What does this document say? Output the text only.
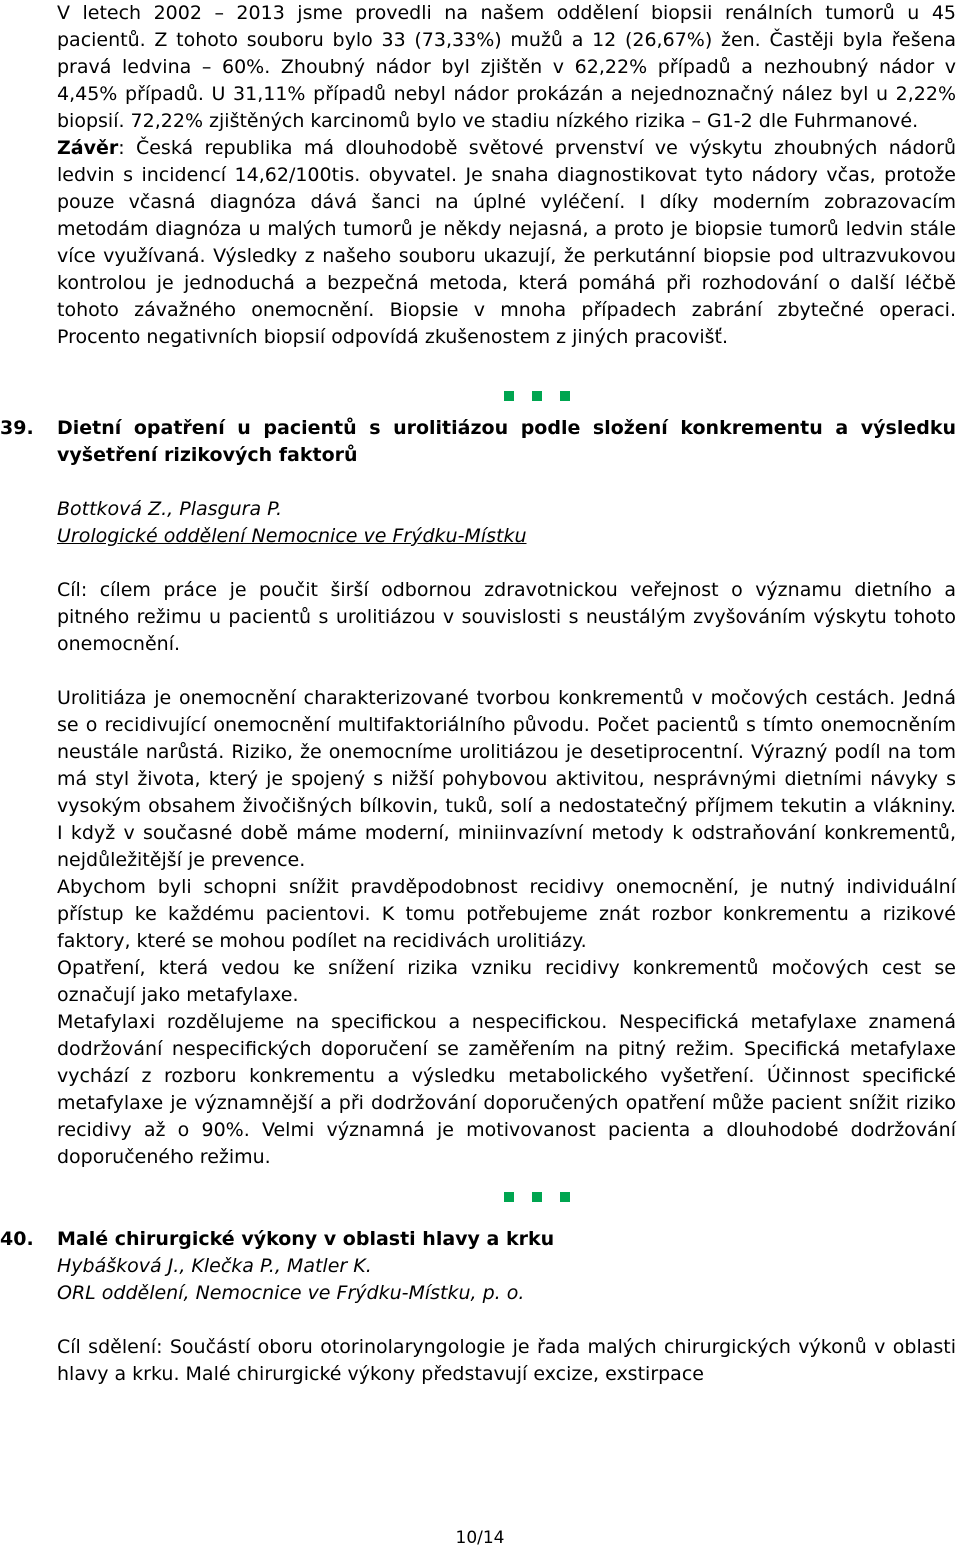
V letech 2002 – 2013 jsme provedli na našem oddělení biopsii renálních tumorů u 45 pacientů. Z tohoto souboru bylo 33 (73,33%) mužů a 12 (26,67%) žen. Častěji byla řešena pravá ledvina – 60%. Zhoubný nádor byl zjištěn v 62,22% případů a nezhoubný nádor v 4,45% případů. U 31,11% případů nebyl nádor prokázán a nejednoznačný nález byl u 2,22% biopsií. 72,22% zjištěných karcinomů bylo ve stadiu nízkého rizika – G1-2 dle Fuhrmanové.

Závěr: Česká republika má dlouhodobě světové prvenství ve výskytu zhoubných nádorů ledvin s incidencí 14,62/100tis. obyvatel. Je snaha diagnostikovat tyto nádory včas, protože pouze včasná diagnóza dává šanci na úplné vyléčení. I díky moderním zobrazovacím metodám diagnóza u malých tumorů je někdy nejasná, a proto je biopsie tumorů ledvin stále více využívaná. Výsledky z našeho souboru ukazují, že perkutánní biopsie pod ultrazvukovou kontrolou je jednoduchá a bezpečná metoda, která pomáhá při rozhodování o další léčbě tohoto závažného onemocnění. Biopsie v mnoha případech zabrání zbytečné operaci. Procento negativních biopsií odpovídá zkušenostem z jiných pracovišť.

39. Dietní opatření u pacientů s urolitiázou podle složení konkrementu a výsledku vyšetření rizikových faktorů

Bottková Z., Plasgura P.

Urologické oddělení Nemocnice ve Frýdku-Místku

Cíl: cílem práce je poučit širší odbornou zdravotnickou veřejnost o významu dietního a pitného režimu u pacientů s urolitiázou v souvislosti s neustálým zvyšováním výskytu tohoto onemocnění.

Urolitiáza je onemocnění charakterizované tvorbou konkrementů v močových cestách. Jedná se o recidivující onemocnění multifaktoriálního původu. Počet pacientů s tímto onemocněním neustále narůstá. Riziko, že onemocníme urolitiázou je desetiprocentní. Výrazný podíl na tom má styl života, který je spojený s nižší pohybovou aktivitou, nesprávnými dietními návyky s vysokým obsahem živočišných bílkovin, tuků, solí a nedostatečný příjmem tekutin a vlákniny. I když v současné době máme moderní, miniinvazívní metody k odstraňování konkrementů, nejdůležitější je prevence.

Abychom byli schopni snížit pravděpodobnost recidivy onemocnění, je nutný individuální přístup ke každému pacientovi. K tomu potřebujeme znát rozbor konkrementu a rizikové faktory, které se mohou podílet na recidivách urolitiázy.

Opatření, která vedou ke snížení rizika vzniku recidivy konkrementů močových cest se označují jako metafylaxe.

Metafylaxi rozdělujeme na specifickou a nespecifickou. Nespecifická metafylaxe znamená dodržování nespecifických doporučení se zaměřením na pitný režim. Specifická metafylaxe vychází z rozboru konkrementu a výsledku metabolického vyšetření. Účinnost specifické metafylaxe je významnější a při dodržování doporučených opatření může pacient snížit riziko recidivy až o 90%. Velmi významná je motivovanost pacienta a dlouhodobé dodržování doporučeného režimu.

40. Malé chirurgické výkony v oblasti hlavy a krku

Hybášková J., Klečka P., Matler K.

ORL oddělení, Nemocnice ve Frýdku-Místku, p. o.

Cíl sdělení: Součástí oboru otorinolaryngologie je řada malých chirurgických výkonů v oblasti hlavy a krku. Malé chirurgické výkony představují excize, exstirpace

10/14
